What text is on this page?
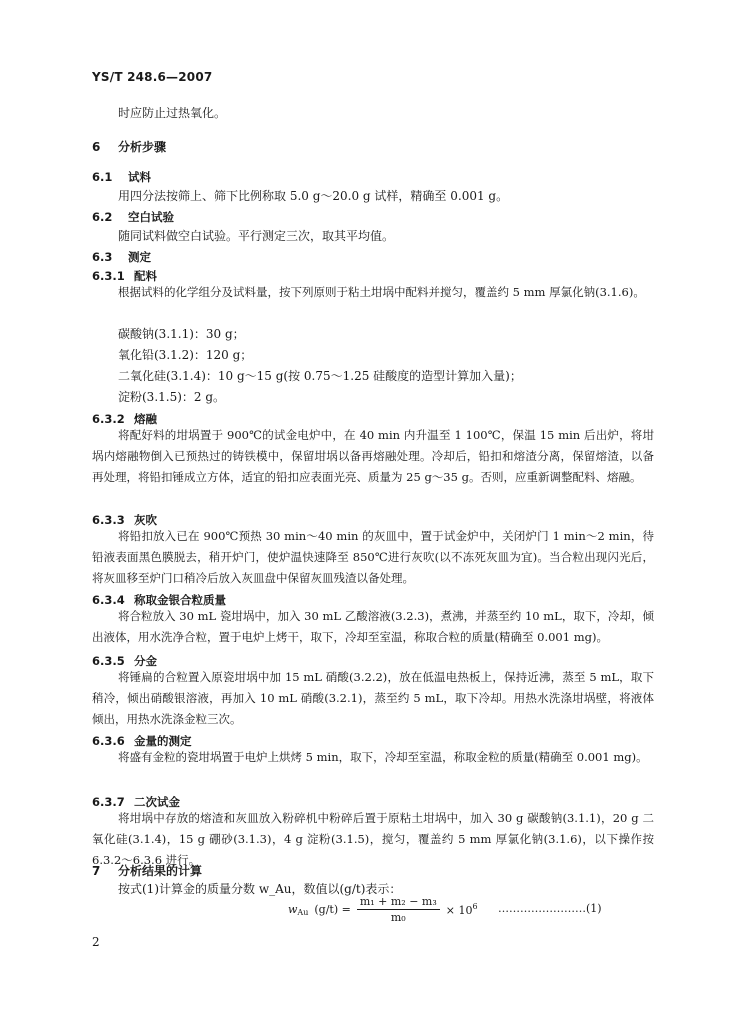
YS/T 248.6—2007
时应防止过热氧化。
6 分析步骤
6.1 试料
用四分法按筛上、筛下比例称取 5.0 g～20.0 g 试样，精确至 0.001 g。
6.2 空白试验
随同试料做空白试验。平行测定三次，取其平均值。
6.3 测定
6.3.1 配料
根据试料的化学组分及试料量，按下列原则于粘土坩埚中配料并搅匀，覆盖约 5 mm 厚氯化钠(3.1.6)。
碳酸钠(3.1.1)：30 g；
氧化铅(3.1.2)：120 g；
二氧化硅(3.1.4)：10 g～15 g(按 0.75～1.25 硅酸度的造型计算加入量)；
淀粉(3.1.5)：2 g。
6.3.2 熔融
将配好料的坩埚置于 900℃的试金电炉中，在 40 min 内升温至 1 100℃，保温 15 min 后出炉，将坩埚内熔融物倒入已预热过的铸铁模中，保留坩埚以备再熔融处理。冷却后，铅扣和熔渣分离，保留熔渣，以备再处理，将铅扣锤成立方体，适宜的铅扣应表面光亮、质量为 25 g～35 g。否则，应重新调整配料、熔融。
6.3.3 灰吹
将铅扣放入已在 900℃预热 30 min～40 min 的灰皿中，置于试金炉中，关闭炉门 1 min～2 min，待铅液表面黑色膜脱去，稍开炉门，使炉温快速降至 850℃进行灰吹(以不冻死灰皿为宜)。当合粒出现闪光后，将灰皿移至炉门口稍冷后放入灰皿盘中保留灰皿残渣以备处理。
6.3.4 称取金银合粒质量
将合粒放入 30 mL 瓷坩埚中，加入 30 mL 乙酸溶液(3.2.3)，煮沸，并蒸至约 10 mL，取下，冷却，倾出液体，用水洗净合粒，置于电炉上烤干，取下，冷却至室温，称取合粒的质量(精确至 0.001 mg)。
6.3.5 分金
将锤扁的合粒置入原瓷坩埚中加 15 mL 硝酸(3.2.2)，放在低温电热板上，保持近沸，蒸至 5 mL，取下稍冷，倾出硝酸银溶液，再加入 10 mL 硝酸(3.2.1)，蒸至约 5 mL，取下冷却。用热水洗涤坩埚壁，将液体倾出，用热水洗涤金粒三次。
6.3.6 金量的测定
将盛有金粒的瓷坩埚置于电炉上烘烤 5 min，取下，冷却至室温，称取金粒的质量(精确至 0.001 mg)。
6.3.7 二次试金
将坩埚中存放的熔渣和灰皿放入粉碎机中粉碎后置于原粘土坩埚中，加入 30 g 碳酸钠(3.1.1)，20 g 二氧化硅(3.1.4)，15 g 硼砂(3.1.3)，4 g 淀粉(3.1.5)，搅匀，覆盖约 5 mm 厚氯化钠(3.1.6)，以下操作按 6.3.2～6.3.6 进行。
7 分析结果的计算
按式(1)计算金的质量分数 w_Au，数值以(g/t)表示：
$w_{Au}$ $(g/t) = \frac{\text{m₁ + m₂ − m₃}}{\text{m₀}} \times 10^6$ ……………………(1)
2
